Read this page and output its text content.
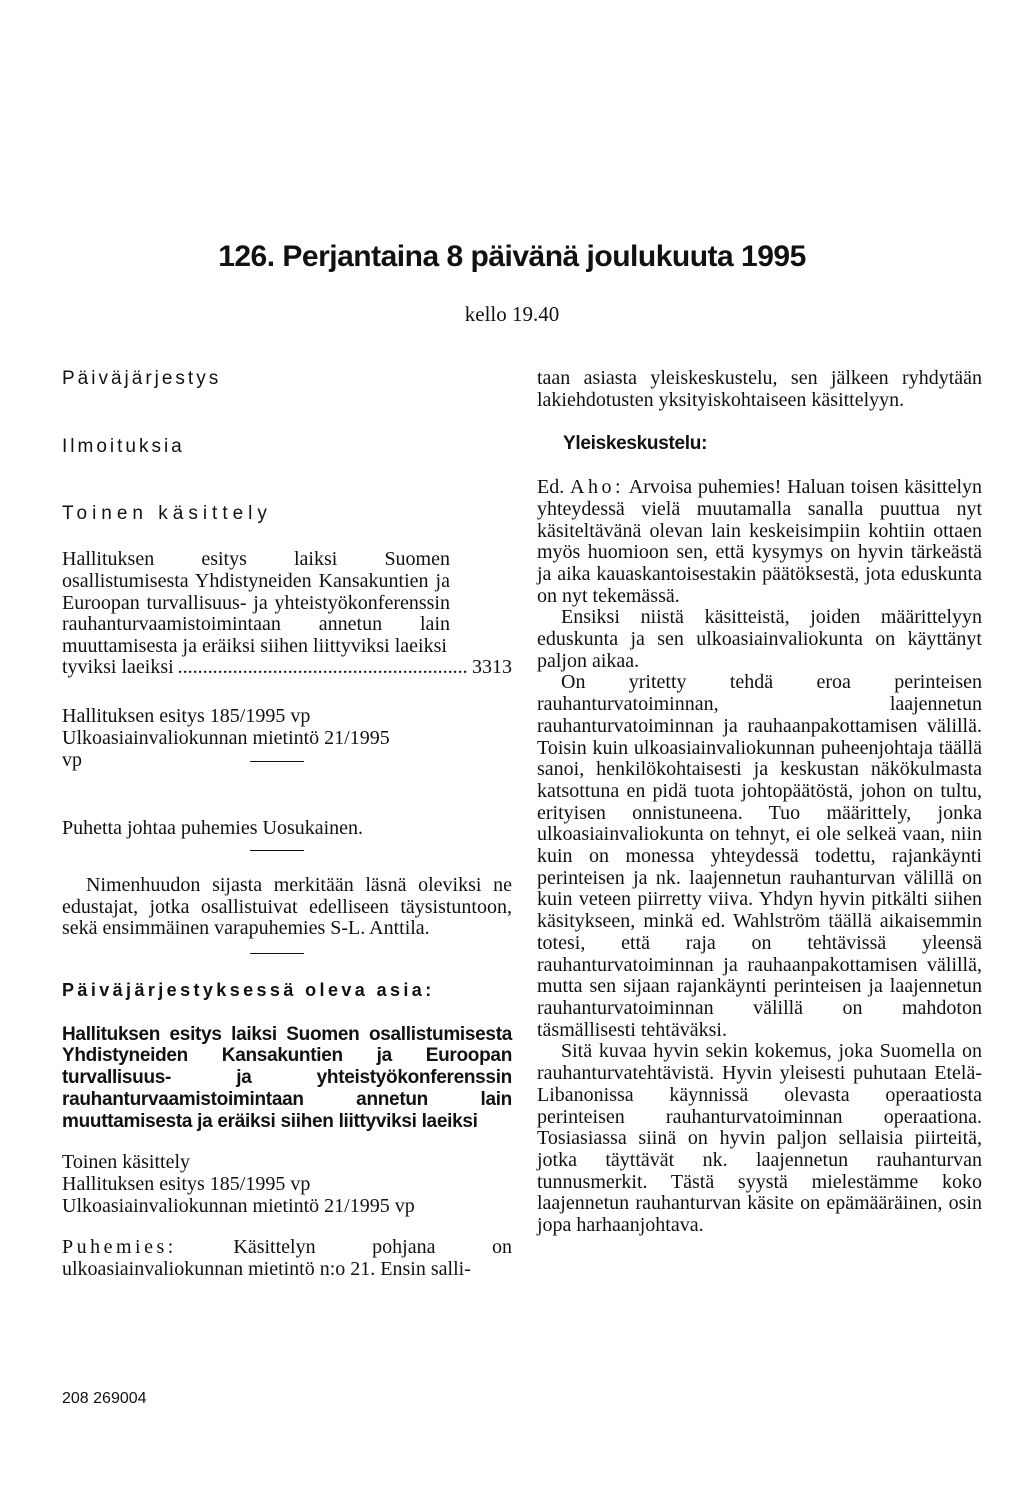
126. Perjantaina 8 päivänä joulukuuta 1995
kello 19.40
Päiväjärjestys
Ilmoituksia
Toinen käsittely
Hallituksen esitys laiksi Suomen osallistumisesta Yhdistyneiden Kansakuntien ja Euroopan turvallisuus- ja yhteistyökonferenssin rauhanturvaamistoimintaan annetun lain muuttamisesta ja eräiksi siihen liittyviksi laeiksi
tyviksi laeiksi .......................................................... 3313
Hallituksen esitys 185/1995 vp
Ulkoasiainvaliokunnan mietintö 21/1995
vp
Puhetta johtaa puhemies Uosukainen.
Nimenhuudon sijasta merkitään läsnä oleviksi ne edustajat, jotka osallistuivat edelliseen täysistuntoon, sekä ensimmäinen varapuhemies S-L. Anttila.
Päiväjärjestyksessä oleva asia:
Hallituksen esitys laiksi Suomen osallistumisesta Yhdistyneiden Kansakuntien ja Euroopan turvallisuus- ja yhteistyökonferenssin rauhanturvaamistoimintaan annetun lain muuttamisesta ja eräiksi siihen liittyviksi laeiksi
Toinen käsittely
Hallituksen esitys 185/1995 vp
Ulkoasiainvaliokunnan mietintö 21/1995 vp
Puhemies:	Käsittelyn pohjana on ulkoasiainvaliokunnan mietintö n:o 21. Ensin salli-
taan asiasta yleiskeskustelu, sen jälkeen ryhdytään lakiehdotusten yksityiskohtaiseen käsittelyyn.
Yleiskeskustelu:
Ed. Aho: Arvoisa puhemies! Haluan toisen käsittelyn yhteydessä vielä muutamalla sanalla puuttua nyt käsiteltävänä olevan lain keskeisimpiin kohtiin ottaen myös huomioon sen, että kysymys on hyvin tärkeästä ja aika kauaskantoisestakin päätöksestä, jota eduskunta on nyt tekemässä.
Ensiksi niistä käsitteistä, joiden määrittelyyn eduskunta ja sen ulkoasiainvaliokunta on käyttänyt paljon aikaa.
On yritetty tehdä eroa perinteisen rauhanturvatoiminnan, laajennetun rauhanturvatoiminnan ja rauhaanpakottamisen välillä. Toisin kuin ulkoasiainvaliokunnan puheenjohtaja täällä sanoi, henkilökohtaisesti ja keskustan näkökulmasta katsottuna en pidä tuota johtopäätöstä, johon on tultu, erityisen onnistuneena. Tuo määrittely, jonka ulkoasiainvaliokunta on tehnyt, ei ole selkeä vaan, niin kuin on monessa yhteydessä todettu, rajankäynti perinteisen ja nk. laajennetun rauhanturvan välillä on kuin veteen piirretty viiva. Yhdyn hyvin pitkälti siihen käsitykseen, minkä ed. Wahlström täällä aikaisemmin totesi, että raja on tehtävissä yleensä rauhanturvatoiminnan ja rauhaanpakottamisen välillä, mutta sen sijaan rajankäynti perinteisen ja laajennetun rauhanturvatoiminnan välillä on mahdoton täsmällisesti tehtäväksi.
Sitä kuvaa hyvin sekin kokemus, joka Suomella on rauhanturvatehtävistä. Hyvin yleisesti puhutaan Etelä-Libanonissa käynnissä olevasta operaatiosta perinteisen rauhanturvatoiminnan operaationa. Tosiasiassa siinä on hyvin paljon sellaisia piirteitä, jotka täyttävät nk. laajennetun rauhanturvan tunnusmerkit. Tästä syystä mielestämme koko laajennetun rauhanturvan käsite on epämääräinen, osin jopa harhaanjohtava.
208 269004
